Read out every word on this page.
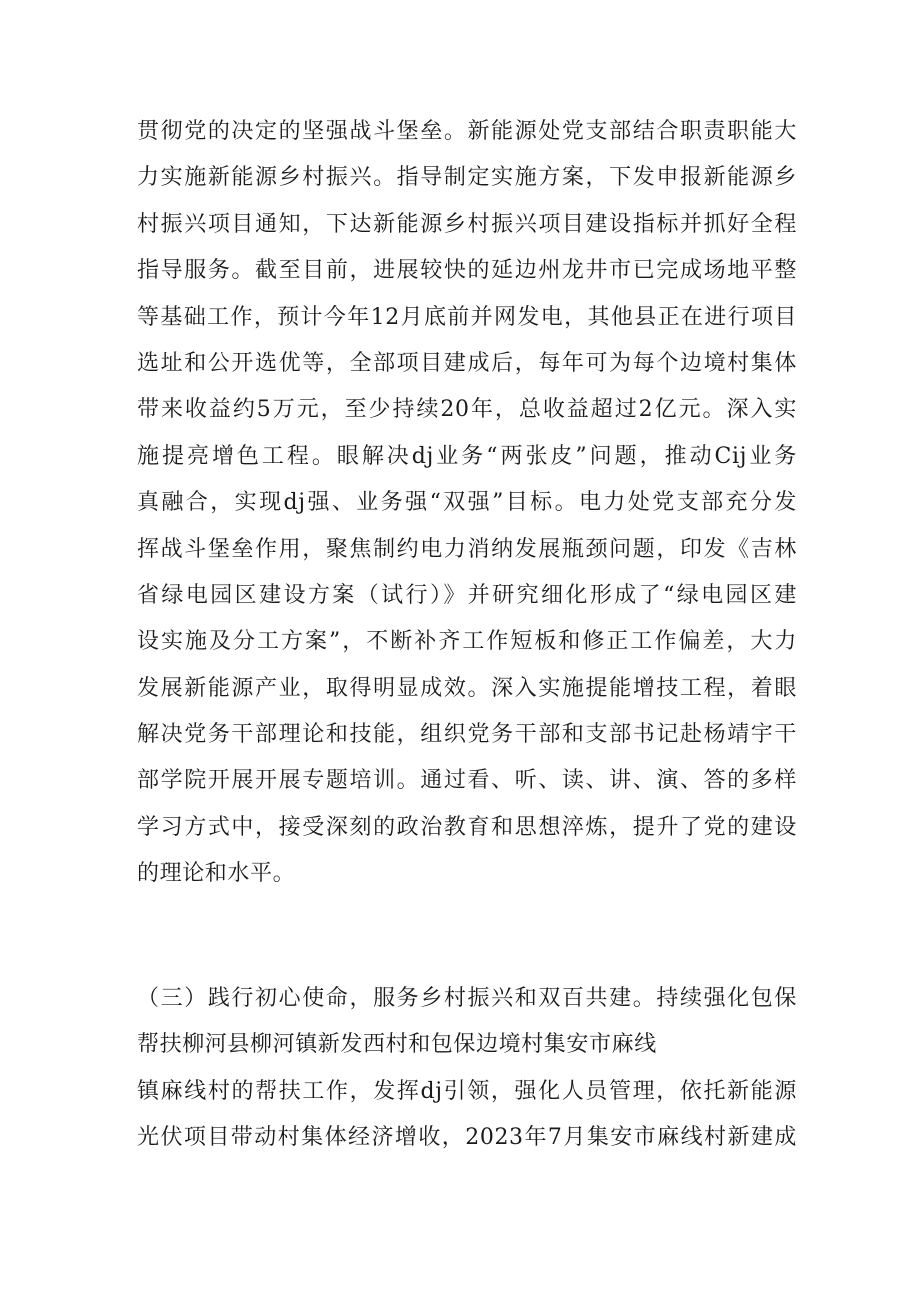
贯彻党的决定的坚强战斗堡垒。新能源处党支部结合职责职能大
力实施新能源乡村振兴。指导制定实施方案，下发申报新能源乡
村振兴项目通知，下达新能源乡村振兴项目建设指标并抓好全程
指导服务。截至目前，进展较快的延边州龙井市已完成场地平整
等基础工作，预计今年12月底前并网发电，其他县正在进行项目
选址和公开选优等，全部项目建成后，每年可为每个边境村集体
带来收益约5万元，至少持续20年，总收益超过2亿元。深入实
施提亮增色工程。眼解决dj业务“两张皮”问题，推动Cij业务
真融合，实现dj强、业务强“双强”目标。电力处党支部充分发
挥战斗堡垒作用，聚焦制约电力消纳发展瓶颈问题，印发《吉林
省绿电园区建设方案（试行）》并研究细化形成了“绿电园区建
设实施及分工方案”，不断补齐工作短板和修正工作偏差，大力
发展新能源产业，取得明显成效。深入实施提能增技工程，着眼
解决党务干部理论和技能，组织党务干部和支部书记赴杨靖宇干
部学院开展开展专题培训。通过看、听、读、讲、演、答的多样
学习方式中，接受深刻的政治教育和思想淬炼，提升了党的建设
的理论和水平。
（三）践行初心使命，服务乡村振兴和双百共建。持续强化包保
帮扶柳河县柳河镇新发西村和包保边境村集安市麻线
镇麻线村的帮扶工作，发挥dj引领，强化人员管理，依托新能源
光伏项目带动村集体经济增收，2023年7月集安市麻线村新建成
